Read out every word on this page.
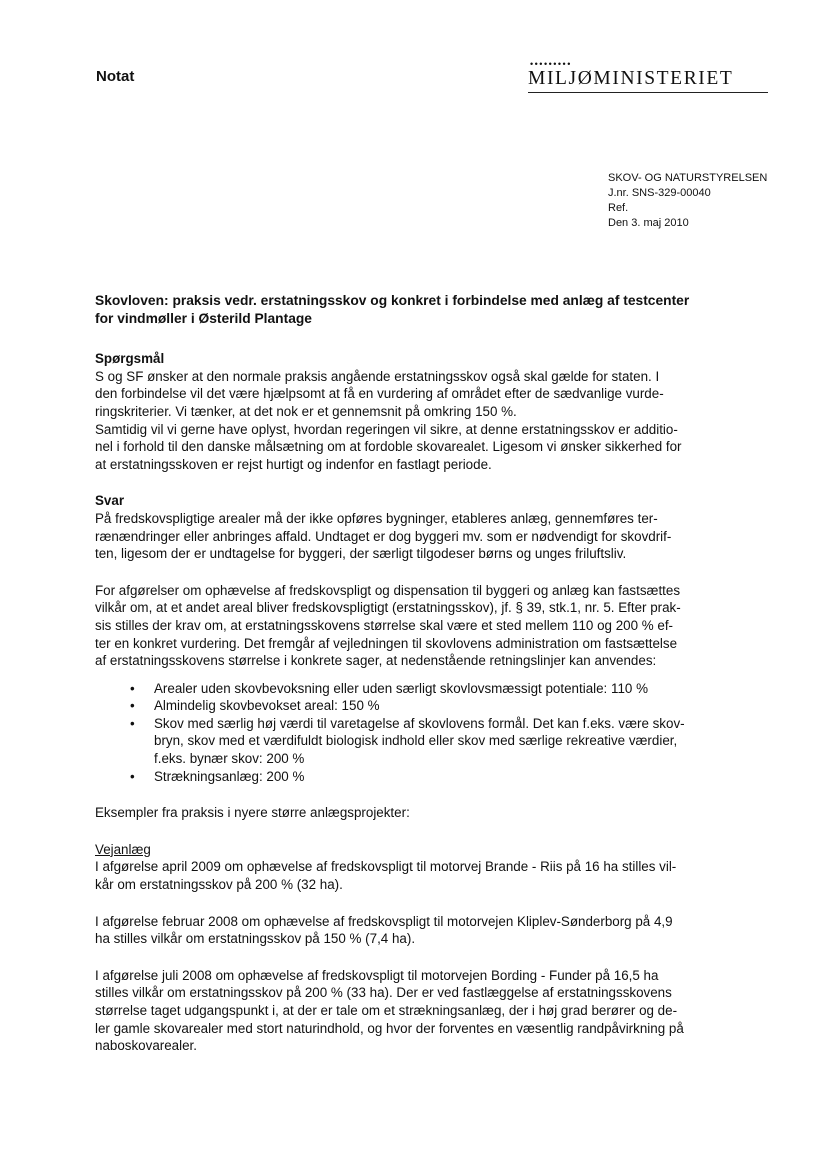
Notat
•••••••••
MILJØMINISTERIET
SKOV- OG NATURSTYRELSEN
J.nr. SNS-329-00040
Ref.
Den 3. maj 2010
Skovloven: praksis vedr. erstatningsskov og konkret i forbindelse med anlæg af testcenter
for vindmøller i Østerild Plantage
Spørgsmål
S og SF ønsker at den normale praksis angående erstatningsskov også skal gælde for staten. I
den forbindelse vil det være hjælpsomt at få en vurdering af området efter de sædvanlige vurde-
ringskriterier. Vi tænker, at det nok er et gennemsnit på omkring 150 %.
Samtidig vil vi gerne have oplyst, hvordan regeringen vil sikre, at denne erstatningsskov er additio-
nel i forhold til den danske målsætning om at fordoble skovarealet. Ligesom vi ønsker sikkerhed for
at erstatningsskoven er rejst hurtigt og indenfor en fastlagt periode.
Svar
På fredskovspligtige arealer må der ikke opføres bygninger, etableres anlæg, gennemføres ter-
rænændringer eller anbringes affald. Undtaget er dog byggeri mv. som er nødvendigt for skovdrif-
ten, ligesom der er undtagelse for byggeri, der særligt tilgodeser børns og unges friluftsliv.
For afgørelser om ophævelse af fredskovspligt og dispensation til byggeri og anlæg kan fastsættes
vilkår om, at et andet areal bliver fredskovspligtigt (erstatningsskov), jf. § 39, stk.1, nr. 5. Efter prak-
sis stilles der krav om, at erstatningsskovens størrelse skal være et sted mellem 110 og 200 % ef-
ter en konkret vurdering. Det fremgår af vejledningen til skovlovens administration om fastsættelse
af erstatningsskovens størrelse i konkrete sager, at nedenstående retningslinjer kan anvendes:
• Arealer uden skovbevoksning eller uden særligt skovlovsmæssigt potentiale: 110 %
• Almindelig skovbevokset areal: 150 %
• Skov med særlig høj værdi til varetagelse af skovlovens formål. Det kan f.eks. være skov-
bryn, skov med et værdifuldt biologisk indhold eller skov med særlige rekreative værdier,
f.eks. bynær skov: 200 %
• Strækningsanlæg: 200 %
Eksempler fra praksis i nyere større anlægsprojekter:
Vejanlæg
I afgørelse april 2009 om ophævelse af fredskovspligt til motorvej Brande - Riis på 16 ha stilles vil-
kår om erstatningsskov på 200 % (32 ha).
I afgørelse februar 2008 om ophævelse af fredskovspligt til motorvejen Kliplev-Sønderborg på 4,9
ha stilles vilkår om erstatningsskov på 150 % (7,4 ha).
I afgørelse juli 2008 om ophævelse af fredskovspligt til motorvejen Bording - Funder på 16,5 ha
stilles vilkår om erstatningsskov på 200 % (33 ha). Der er ved fastlæggelse af erstatningsskovens
størrelse taget udgangspunkt i, at der er tale om et strækningsanlæg, der i høj grad berører og de-
ler gamle skovarealer med stort naturindhold, og hvor der forventes en væsentlig randpåvirkning på
naboskovarealer.
